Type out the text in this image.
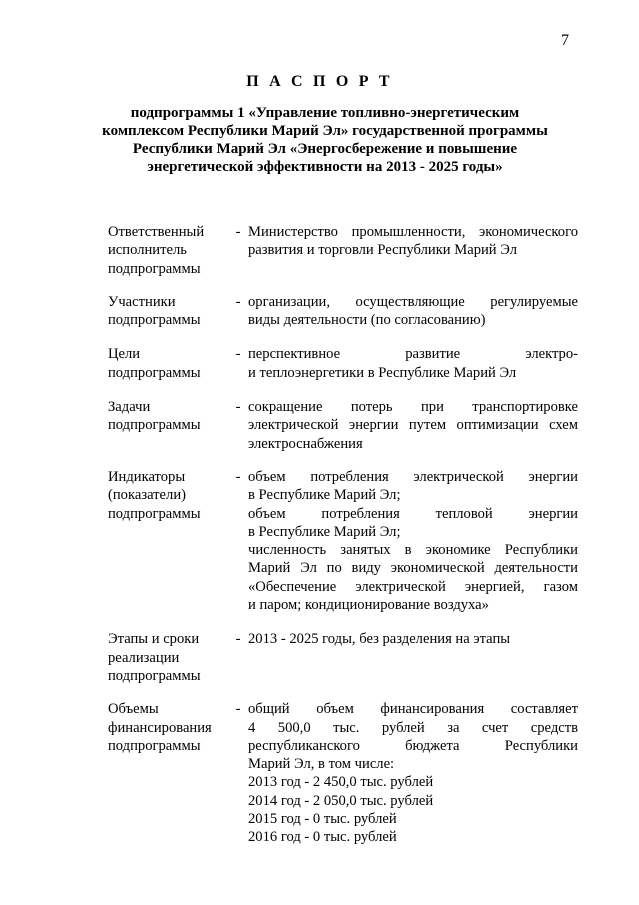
7
П А С П О Р Т
подпрограммы 1 «Управление топливно-энергетическим
комплексом Республики Марий Эл» государственной программы
Республики Марий Эл «Энергосбережение и повышение
энергетической эффективности на 2013 - 2025 годы»
Ответственный
исполнитель
подпрограммы
- Министерство промышленности, экономического
развития и торговли Республики Марий Эл
Участники
подпрограммы
- организации, осуществляющие регулируемые
виды деятельности (по согласованию)
Цели
подпрограммы
- перспективное развитие электро-
и теплоэнергетики в Республике Марий Эл
Задачи
подпрограммы
- сокращение потерь при транспортировке
электрической энергии путем оптимизации схем
электроснабжения
Индикаторы
(показатели)
подпрограммы
- объем потребления электрической энергии
в Республике Марий Эл;
объем потребления тепловой энергии
в Республике Марий Эл;
численность занятых в экономике Республики
Марий Эл по виду экономической деятельности
«Обеспечение электрической энергией, газом
и паром; кондиционирование воздуха»
Этапы и сроки
реализации
подпрограммы
- 2013 - 2025 годы, без разделения на этапы
Объемы
финансирования
подпрограммы
- общий объем финансирования составляет
4 500,0 тыс. рублей за счет средств
республиканского бюджета Республики
Марий Эл, в том числе:
2013 год - 2 450,0 тыс. рублей
2014 год - 2 050,0 тыс. рублей
2015 год - 0 тыс. рублей
2016 год - 0 тыс. рублей
